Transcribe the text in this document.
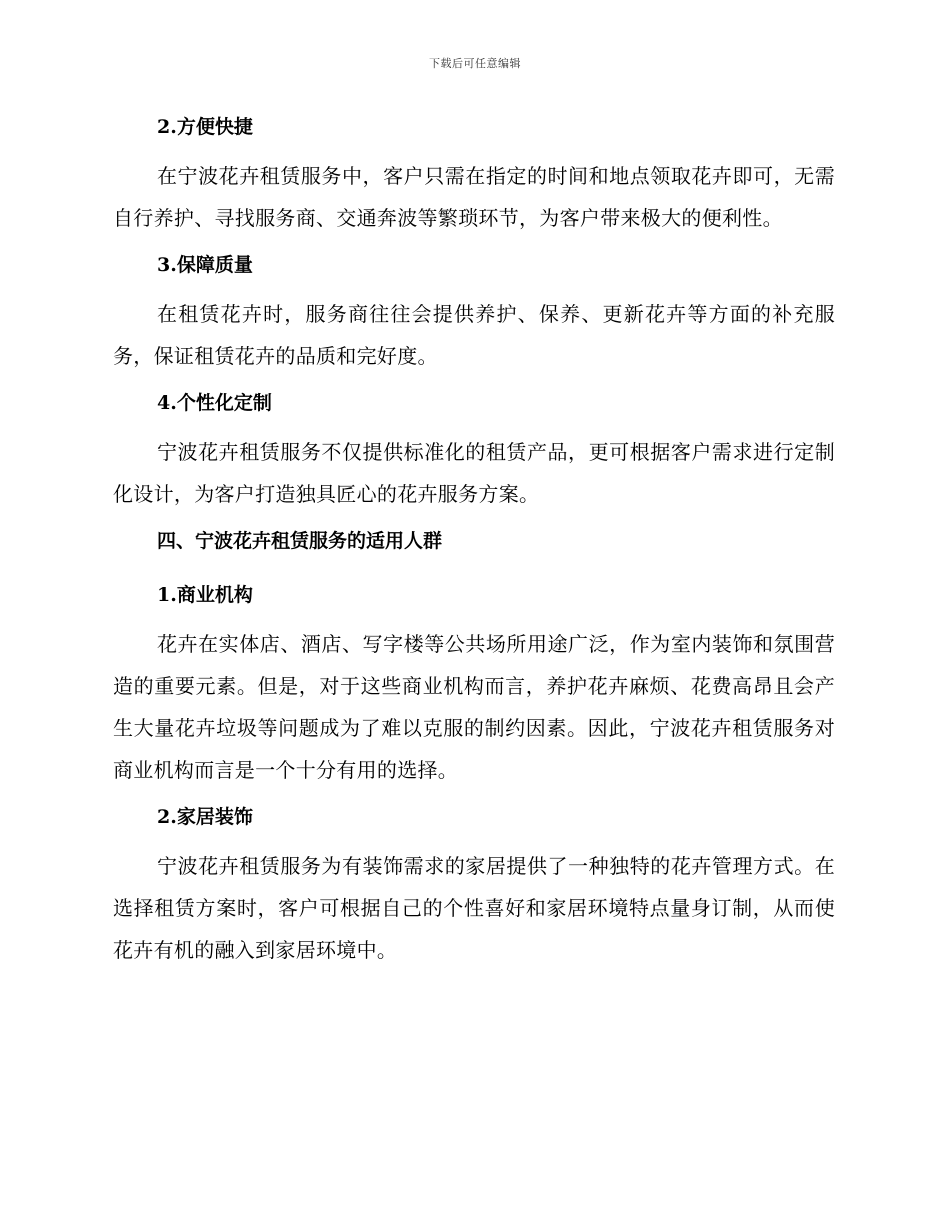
下载后可任意编辑
2.方便快捷

在宁波花卉租赁服务中，客户只需在指定的时间和地点领取花卉即可，无需自行养护、寻找服务商、交通奔波等繁琐环节，为客户带来极大的便利性。

3.保障质量

在租赁花卉时，服务商往往会提供养护、保养、更新花卉等方面的补充服务，保证租赁花卉的品质和完好度。

4.个性化定制

宁波花卉租赁服务不仅提供标准化的租赁产品，更可根据客户需求进行定制化设计，为客户打造独具匠心的花卉服务方案。

四、宁波花卉租赁服务的适用人群
1.商业机构

花卉在实体店、酒店、写字楼等公共场所用途广泛，作为室内装饰和氛围营造的重要元素。但是，对于这些商业机构而言，养护花卉麻烦、花费高昂且会产生大量花卉垃圾等问题成为了难以克服的制约因素。因此，宁波花卉租赁服务对商业机构而言是一个十分有用的选择。

2.家居装饰

宁波花卉租赁服务为有装饰需求的家居提供了一种独特的花卉管理方式。在选择租赁方案时，客户可根据自己的个性喜好和家居环境特点量身订制，从而使花卉有机的融入到家居环境中。
